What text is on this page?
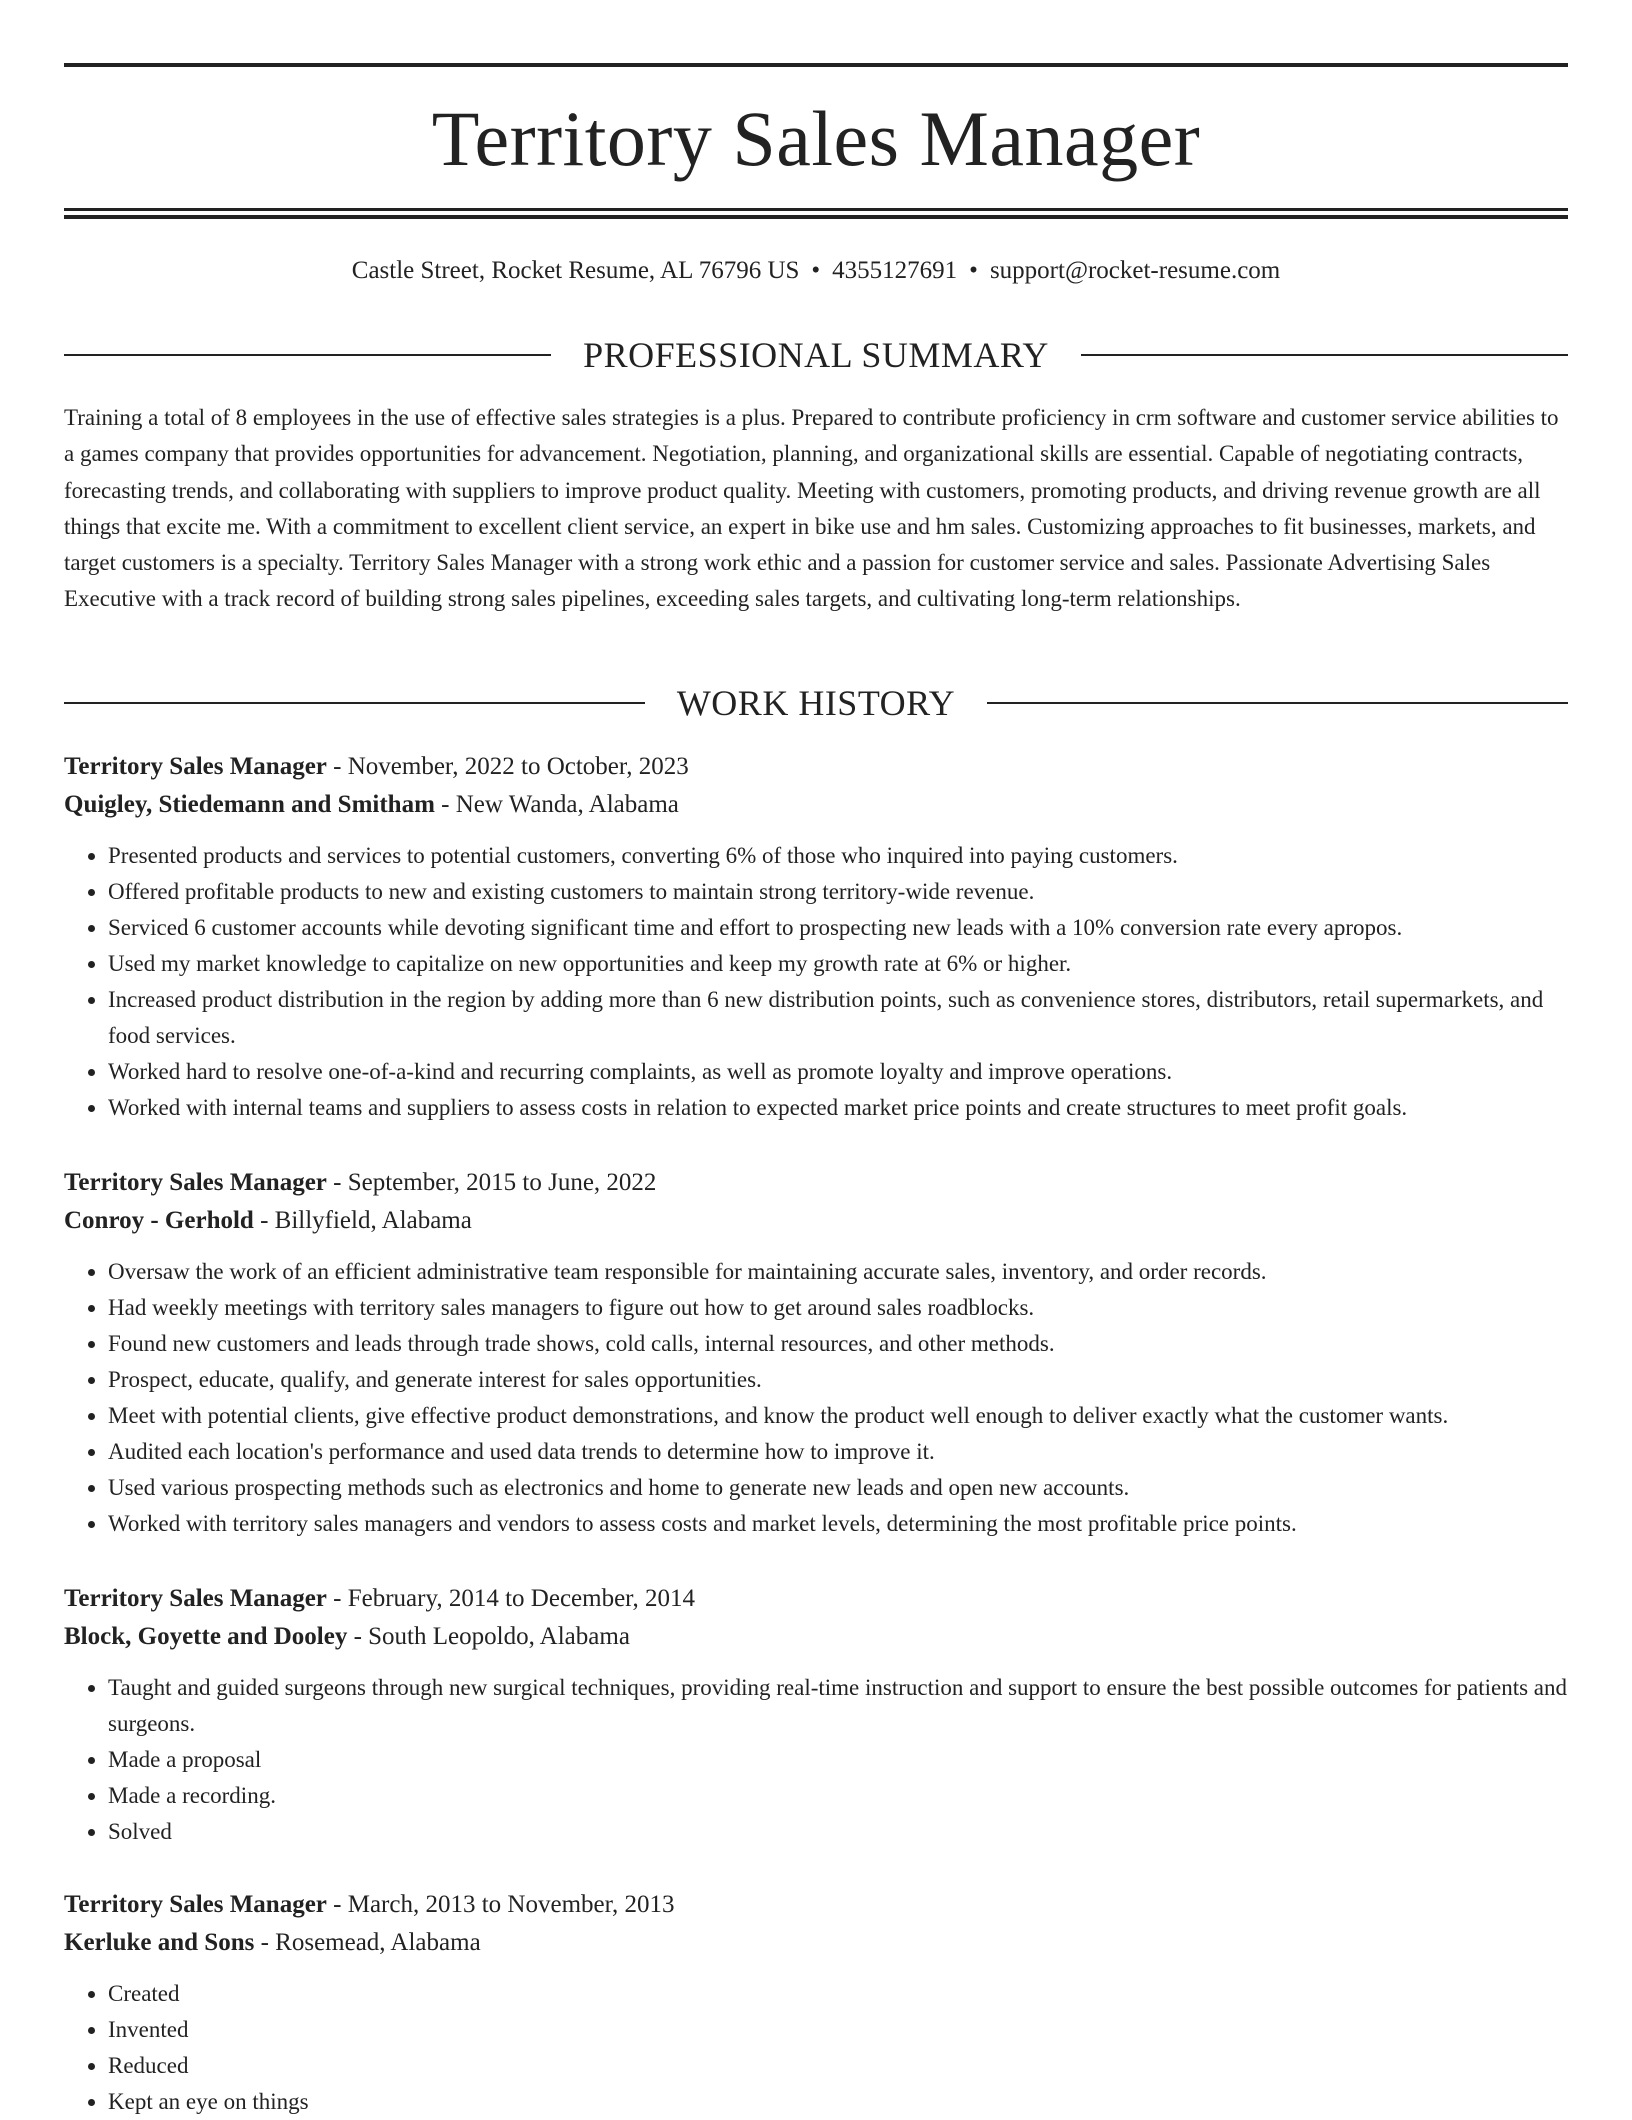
Territory Sales Manager
Castle Street, Rocket Resume, AL 76796 US • 4355127691 • support@rocket-resume.com
PROFESSIONAL SUMMARY

Training a total of 8 employees in the use of effective sales strategies is a plus. Prepared to contribute proficiency in crm software and customer service abilities to a games company that provides opportunities for advancement. Negotiation, planning, and organizational skills are essential. Capable of negotiating contracts, forecasting trends, and collaborating with suppliers to improve product quality. Meeting with customers, promoting products, and driving revenue growth are all things that excite me. With a commitment to excellent client service, an expert in bike use and hm sales. Customizing approaches to fit businesses, markets, and target customers is a specialty. Territory Sales Manager with a strong work ethic and a passion for customer service and sales. Passionate Advertising Sales Executive with a track record of building strong sales pipelines, exceeding sales targets, and cultivating long-term relationships.

WORK HISTORY
Territory Sales Manager - November, 2022 to October, 2023
Quigley, Stiedemann and Smitham - New Wanda, Alabama
• Presented products and services to potential customers, converting 6% of those who inquired into paying customers.
• Offered profitable products to new and existing customers to maintain strong territory-wide revenue.
• Serviced 6 customer accounts while devoting significant time and effort to prospecting new leads with a 10% conversion rate every apropos.
• Used my market knowledge to capitalize on new opportunities and keep my growth rate at 6% or higher.
• Increased product distribution in the region by adding more than 6 new distribution points, such as convenience stores, distributors, retail supermarkets, and food services.
• Worked hard to resolve one-of-a-kind and recurring complaints, as well as promote loyalty and improve operations.
• Worked with internal teams and suppliers to assess costs in relation to expected market price points and create structures to meet profit goals.
Territory Sales Manager - September, 2015 to June, 2022
Conroy - Gerhold - Billyfield, Alabama
• Oversaw the work of an efficient administrative team responsible for maintaining accurate sales, inventory, and order records.
• Had weekly meetings with territory sales managers to figure out how to get around sales roadblocks.
• Found new customers and leads through trade shows, cold calls, internal resources, and other methods.
• Prospect, educate, qualify, and generate interest for sales opportunities.
• Meet with potential clients, give effective product demonstrations, and know the product well enough to deliver exactly what the customer wants.
• Audited each location's performance and used data trends to determine how to improve it.
• Used various prospecting methods such as electronics and home to generate new leads and open new accounts.
• Worked with territory sales managers and vendors to assess costs and market levels, determining the most profitable price points.
Territory Sales Manager - February, 2014 to December, 2014
Block, Goyette and Dooley - South Leopoldo, Alabama
• Taught and guided surgeons through new surgical techniques, providing real-time instruction and support to ensure the best possible outcomes for patients and surgeons.
• Made a proposal
• Made a recording.
• Solved
Territory Sales Manager - March, 2013 to November, 2013
Kerluke and Sons - Rosemead, Alabama
• Created
• Invented
• Reduced
• Kept an eye on things
